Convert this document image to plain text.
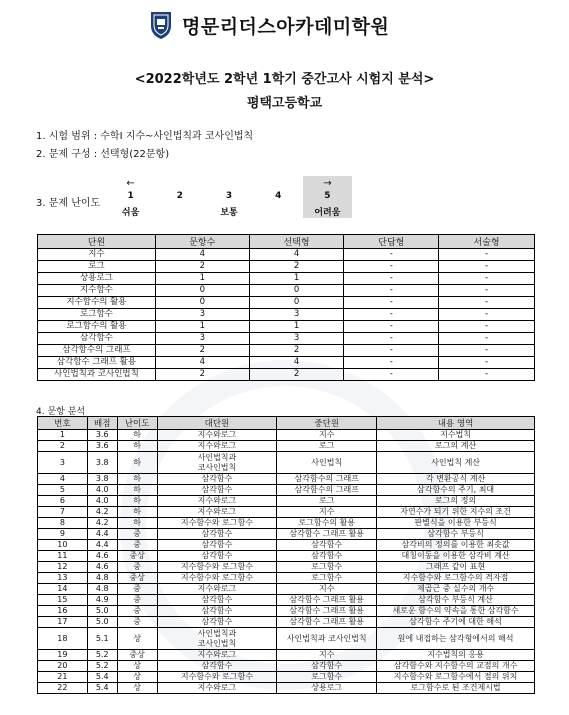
명문리더스아카데미학원
<2022학년도 2학년 1학기 중간고사 시험지 분석>
평택고등학교
1. 시험 범위 : 수학Ⅰ 지수~사인법칙과 코사인법칙
2. 문제 구성 : 선택형(22문항)
3. 문제 난이도
←
1
쉬움
2	3
보통
4
→
5
어려움
단원	문항수	선택형	단답형	서술형
지수	4	4	-	-
로그	2	2	-	-
상용로그	1	1	-	-
지수함수	0	0	-	-
지수함수의 활용	0	0	-	-
로그함수	3	3	-	-
로그함수의 활용	1	1	-	-
삼각함수	3	3	-	-
삼각함수의 그래프	2	2	-	-
삼각함수 그래프 활용	4	4	-	-
사인법칙과 코사인법칙	2	2	-	-
4. 문항 분석
번호	배점	난이도	대단원	중단원	내용 영역
1	3.6	하	지수와로그	지수	지수법칙
2	3.6	하	지수와로그	로그	로그의 계산
3	3.8	하	사인법칙과
코사인법칙	사인법칙	사인법칙 계산
4	3.8	하	삼각함수	삼각함수의 그래프	각 변환공식 계산
5	4.0	하	삼각함수	삼각함수의 그래프	삼각함수의 주기, 최대
6	4.0	하	지수와로그	로그	로그의 정의
7	4.2	하	지수와로그	지수	자연수가 되기 위한 지수의 조건
8	4.2	하	지수함수와 로그함수	로그함수의 활용	판별식을 이용한 부등식
9	4.4	중	삼각함수	삼각함수 그래프 활용	삼각함수 부등식
10	4.4	중	삼각함수	삼각함수	삼각비의 정의를 이용한 최솟값
11	4.6	중상	삼각함수	삼각함수	대칭이동을 이용한 삼각비 계산
12	4.6	중	지수함수와 로그함수	로그함수	그래프 같이 표현
13	4.8	중상	지수함수와 로그함수	로그함수	지수함수와 로그함수의 격자점
14	4.8	중	지수와로그	지수	제곱근 중 실수의 개수
15	4.9	중	삼각함수	삼각함수 그래프 활용	삼각함수 부등식 계산
16	5.0	중	삼각함수	삼각함수 그래프 활용	새로운 함수의 약속을 통한 삼각함수
17	5.0	중	삼각함수	삼각함수 그래프 활용	삼각함수 주기에 대한 해석
18	5.1	상	사인법칙과
코사인법칙	사인법칙과 코사인법칙	원에 내접하는 삼각형에서의 해석
19	5.2	중상	지수와로그	지수	지수법칙의 응용
20	5.2	상	삼각함수	삼각함수	삼각함수와 지수함수의 교점의 개수
21	5.4	상	지수함수와 로그함수	로그함수	지수함수와 로그함수에서 점의 위치
22	5.4	상	지수와로그	상용로그	로그함수로 된 조건제시법
